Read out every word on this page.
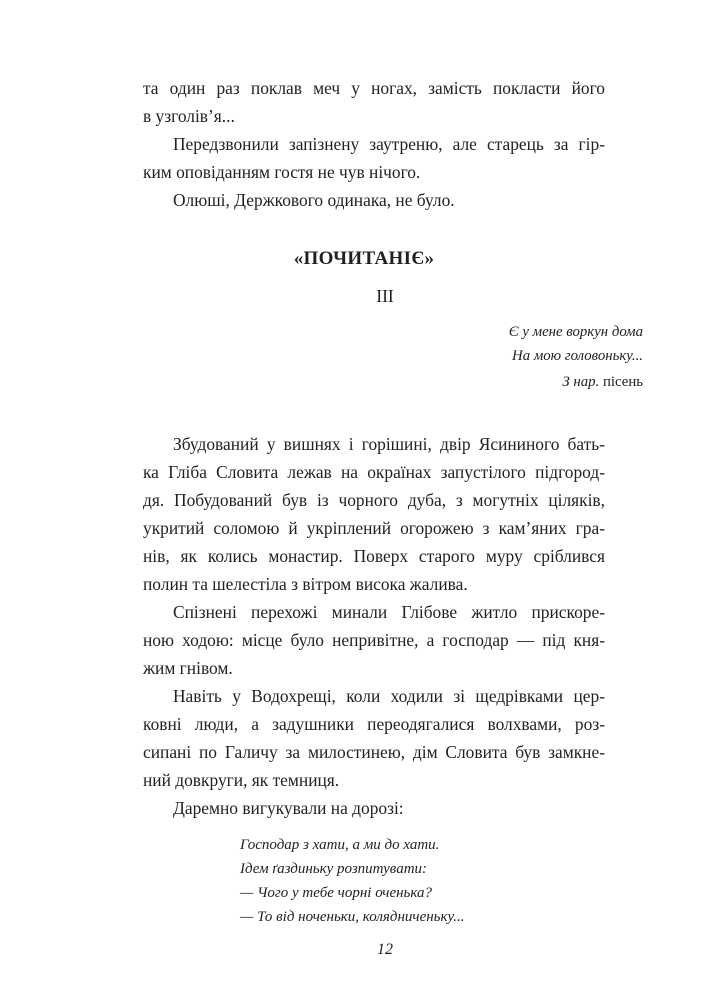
та один раз поклав меч у ногах, замість покласти його
в узголів’я...
Передзвонили запізнену заутреню, але старець за гір-
ким оповіданням гостя не чув нічого.
Олюші, Держкового одинака, не було.
«ПОЧИТАНІЄ»
III
Є у мене воркун дома
На мою головоньку...
З нар. пісень
Збудований у вишнях і горішині, двір Ясининого бать-
ка Гліба Словита лежав на окраїнах запустілого підгород-
дя. Побудований був із чорного дуба, з могутніх ціляків,
укритий соломою й укріплений огорожею з кам’яних гра-
нів, як колись монастир. Поверх старого муру сріблився
полин та шелестіла з вітром висока жалива.
Спізнені перехожі минали Глібове житло прискоре-
ною ходою: місце було непривітне, а господар — під кня-
жим гнівом.
Навіть у Водохрещі, коли ходили зі щедрівками цер-
ковні люди, а задушники переодягалися волхвами, роз-
сипані по Галичу за милостинею, дім Словита був замкне-
ний довкруги, як темниця.
Даремно вигукували на дорозі:
Господар з хати, а ми до хати.
Ідем ґаздиньку розпитувати:
— Чого у тебе чорні оченька?
— То від ноченьки, колядниченьку...
12
